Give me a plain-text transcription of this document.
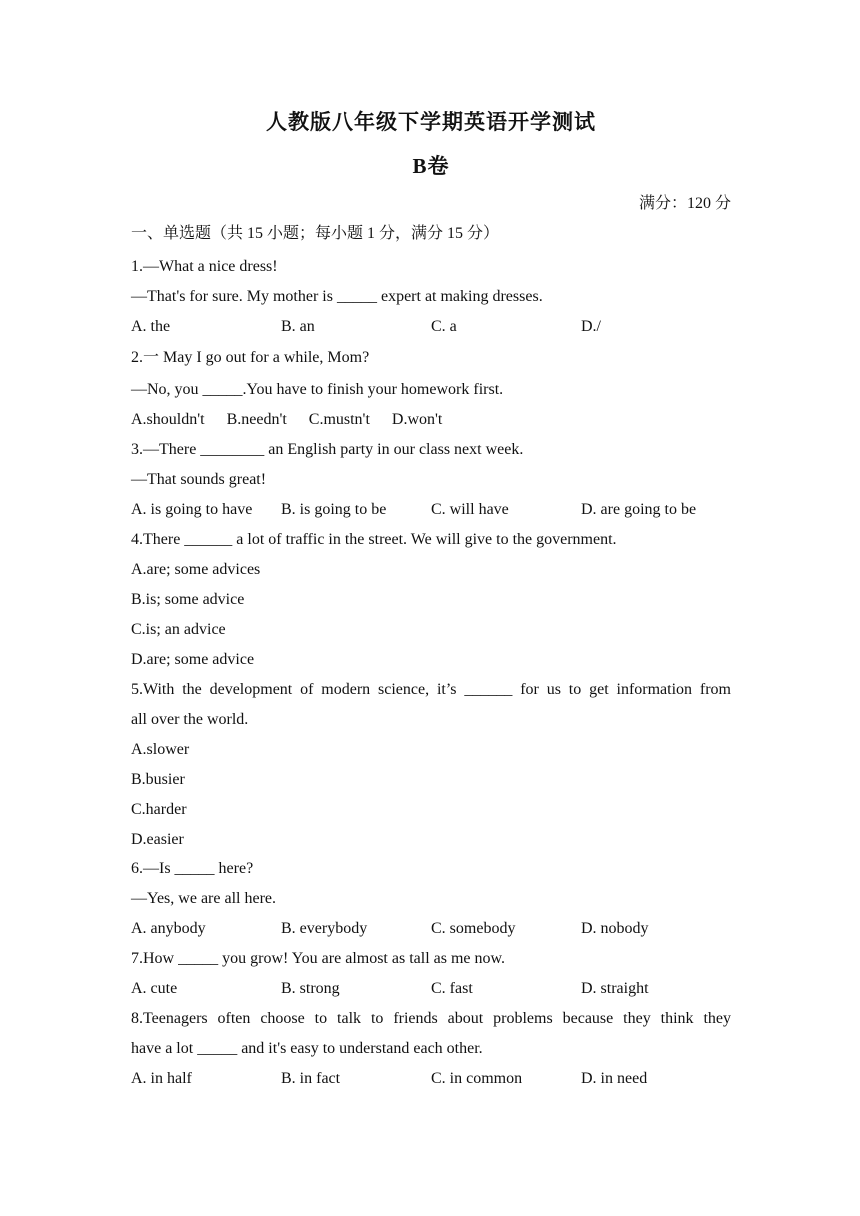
人教版八年级下学期英语开学测试
B卷
满分：120 分
一、单选题（共 15 小题；每小题 1 分，满分 15 分）
1.—What a nice dress!
—That's for sure. My mother is _____ expert at making dresses.
A. the	B. an	C. a	D./
2.一 May I go out for a while, Mom?
—No, you _____.You have to finish your homework first.
A.shouldn't B.needn't C.mustn't D.won't
3.—There ________ an English party in our class next week.
—That sounds great!
A. is going to have B. is going to be	C. will have	D. are going to be
4.There ______ a lot of traffic in the street. We will give to the government.
A.are; some advices
B.is; some advice
C.is; an advice
D.are; some advice
5.With the development of modern science, it’s ______ for us to get information from
all over the world.
A.slower
B.busier
C.harder
D.easier
6.—Is _____ here?
—Yes, we are all here.
A. anybody	B. everybody	C. somebody	D. nobody
7.How _____ you grow! You are almost as tall as me now.
A. cute	B. strong	C. fast	D. straight
8.Teenagers often choose to talk to friends about problems because they think they
have a lot _____ and it's easy to understand each other.
A. in half	B. in fact	C. in common	D. in need
